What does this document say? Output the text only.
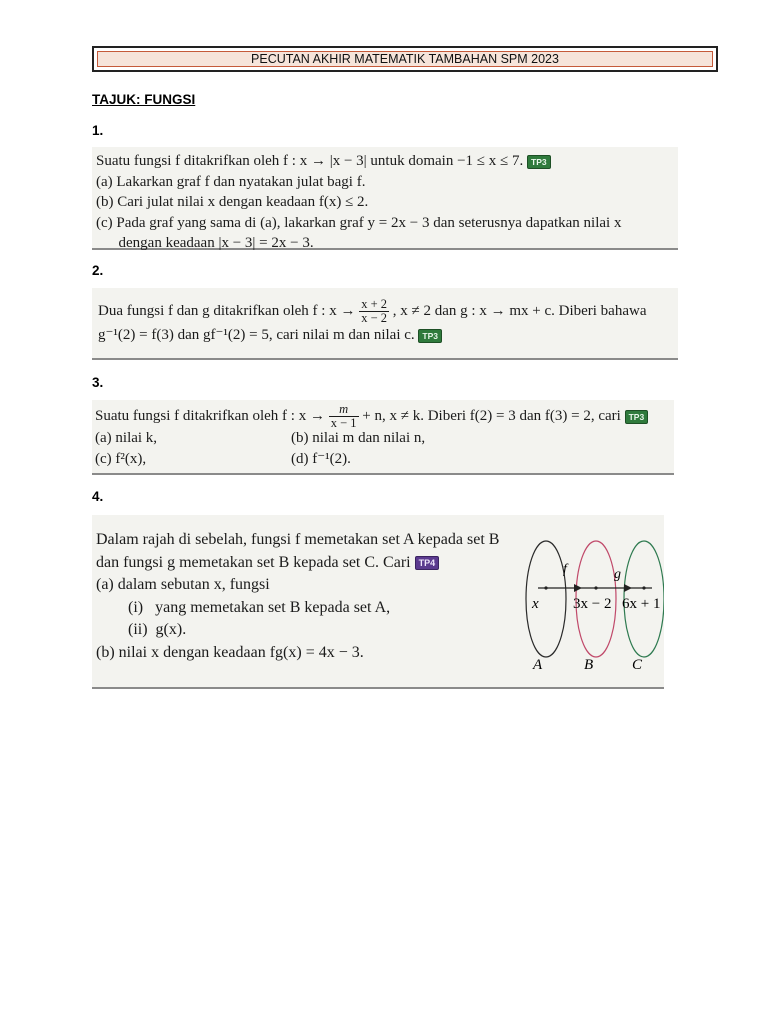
PECUTAN AKHIR MATEMATIK TAMBAHAN SPM 2023
TAJUK: FUNGSI
1.
Suatu fungsi f ditakrifkan oleh f : x → |x − 3| untuk domain −1 ≤ x ≤ 7. TP3
(a) Lakarkan graf f dan nyatakan julat bagi f.
(b) Cari julat nilai x dengan keadaan f(x) ≤ 2.
(c) Pada graf yang sama di (a), lakarkan graf y = 2x − 3 dan seterusnya dapatkan nilai x
dengan keadaan |x − 3| = 2x − 3.
2.
Dua fungsi f dan g ditakrifkan oleh f : $x \to \frac{x + 2}{x - 2}$ , x ≠ 2 dan g : x → mx + c. Diberi bahawa
g⁻¹(2) = f(3) dan gf⁻¹(2) = 5, cari nilai m dan nilai c. TP3
3.
Suatu fungsi f ditakrifkan oleh f : $x \to \frac{m}{x - 1} + n$, x ≠ k. Diberi f(2) = 3 dan f(3) = 2, cari TP3
(a) nilai k,	(b) nilai m dan nilai n,
(c) f²(x),	(d) f⁻¹(2).
4.
Dalam rajah di sebelah, fungsi f memetakan set A kepada set B
dan fungsi g memetakan set B kepada set C. Cari TP4
(a) dalam sebutan x, fungsi
(i)   yang memetakan set B kepada set A,
(ii)  g(x).
(b) nilai x dengan keadaan fg(x) = 4x − 3.
f	g
x 3x − 2 6x + 1
A	B	C
